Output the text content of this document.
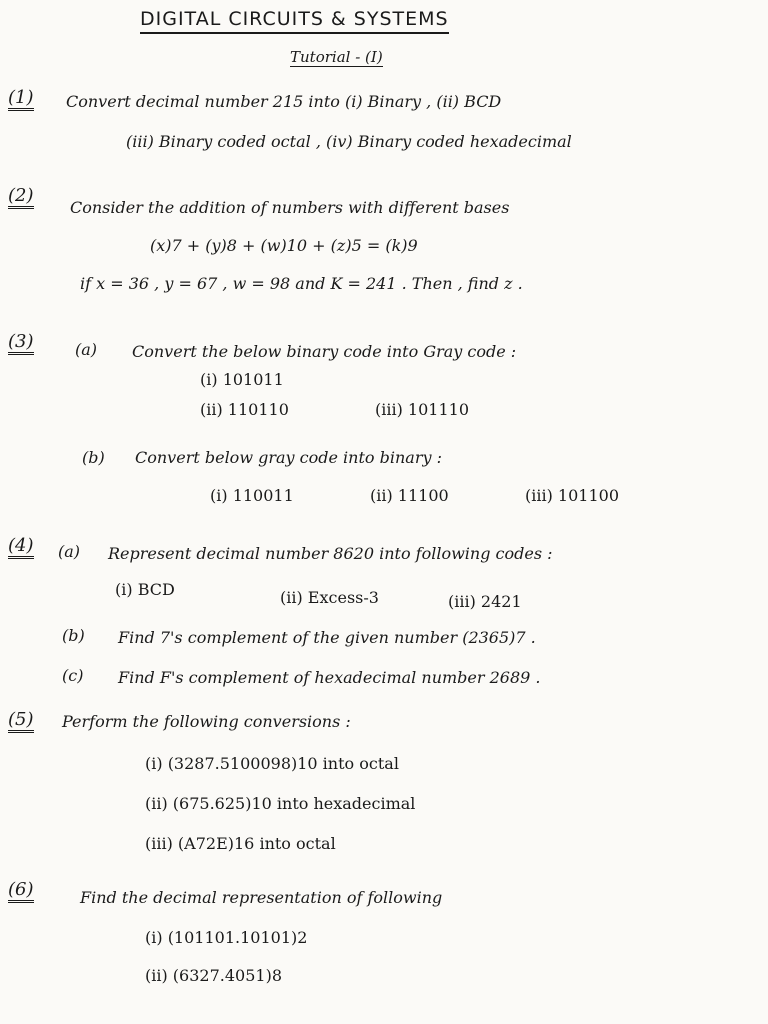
DIGITAL CIRCUITS & SYSTEMS
Tutorial - (I)
(1) Convert decimal number 215 into (i) Binary , (ii) BCD
(iii) Binary coded octal , (iv) Binary coded hexadecimal
(2)
Consider the addition of numbers with different bases
(x)7 + (y)8 + (w)10 + (z)5 = (k)9
if x = 36 , y = 67 , w = 98 and K = 241 . Then , find z .
(3)	(a) Convert the below binary code into Gray code :
(i) 101011
(ii) 110110	(iii) 101110
(b) Convert below gray code into binary :
(i) 110011	(ii) 11100	(iii) 101100
(4) (a) Represent decimal number 8620 into following codes :
(i) BCD	(ii) Excess-3	(iii) 2421
(b) Find 7's complement of the given number (2365)7 .
(c) Find F's complement of hexadecimal number 2689 .
(5) Perform the following conversions :
(i) (3287.5100098)10 into octal
(ii) (675.625)10 into hexadecimal
(iii) (A72E)16 into octal
(6)	Find the decimal representation of following
(i) (101101.10101)2
(ii) (6327.4051)8
